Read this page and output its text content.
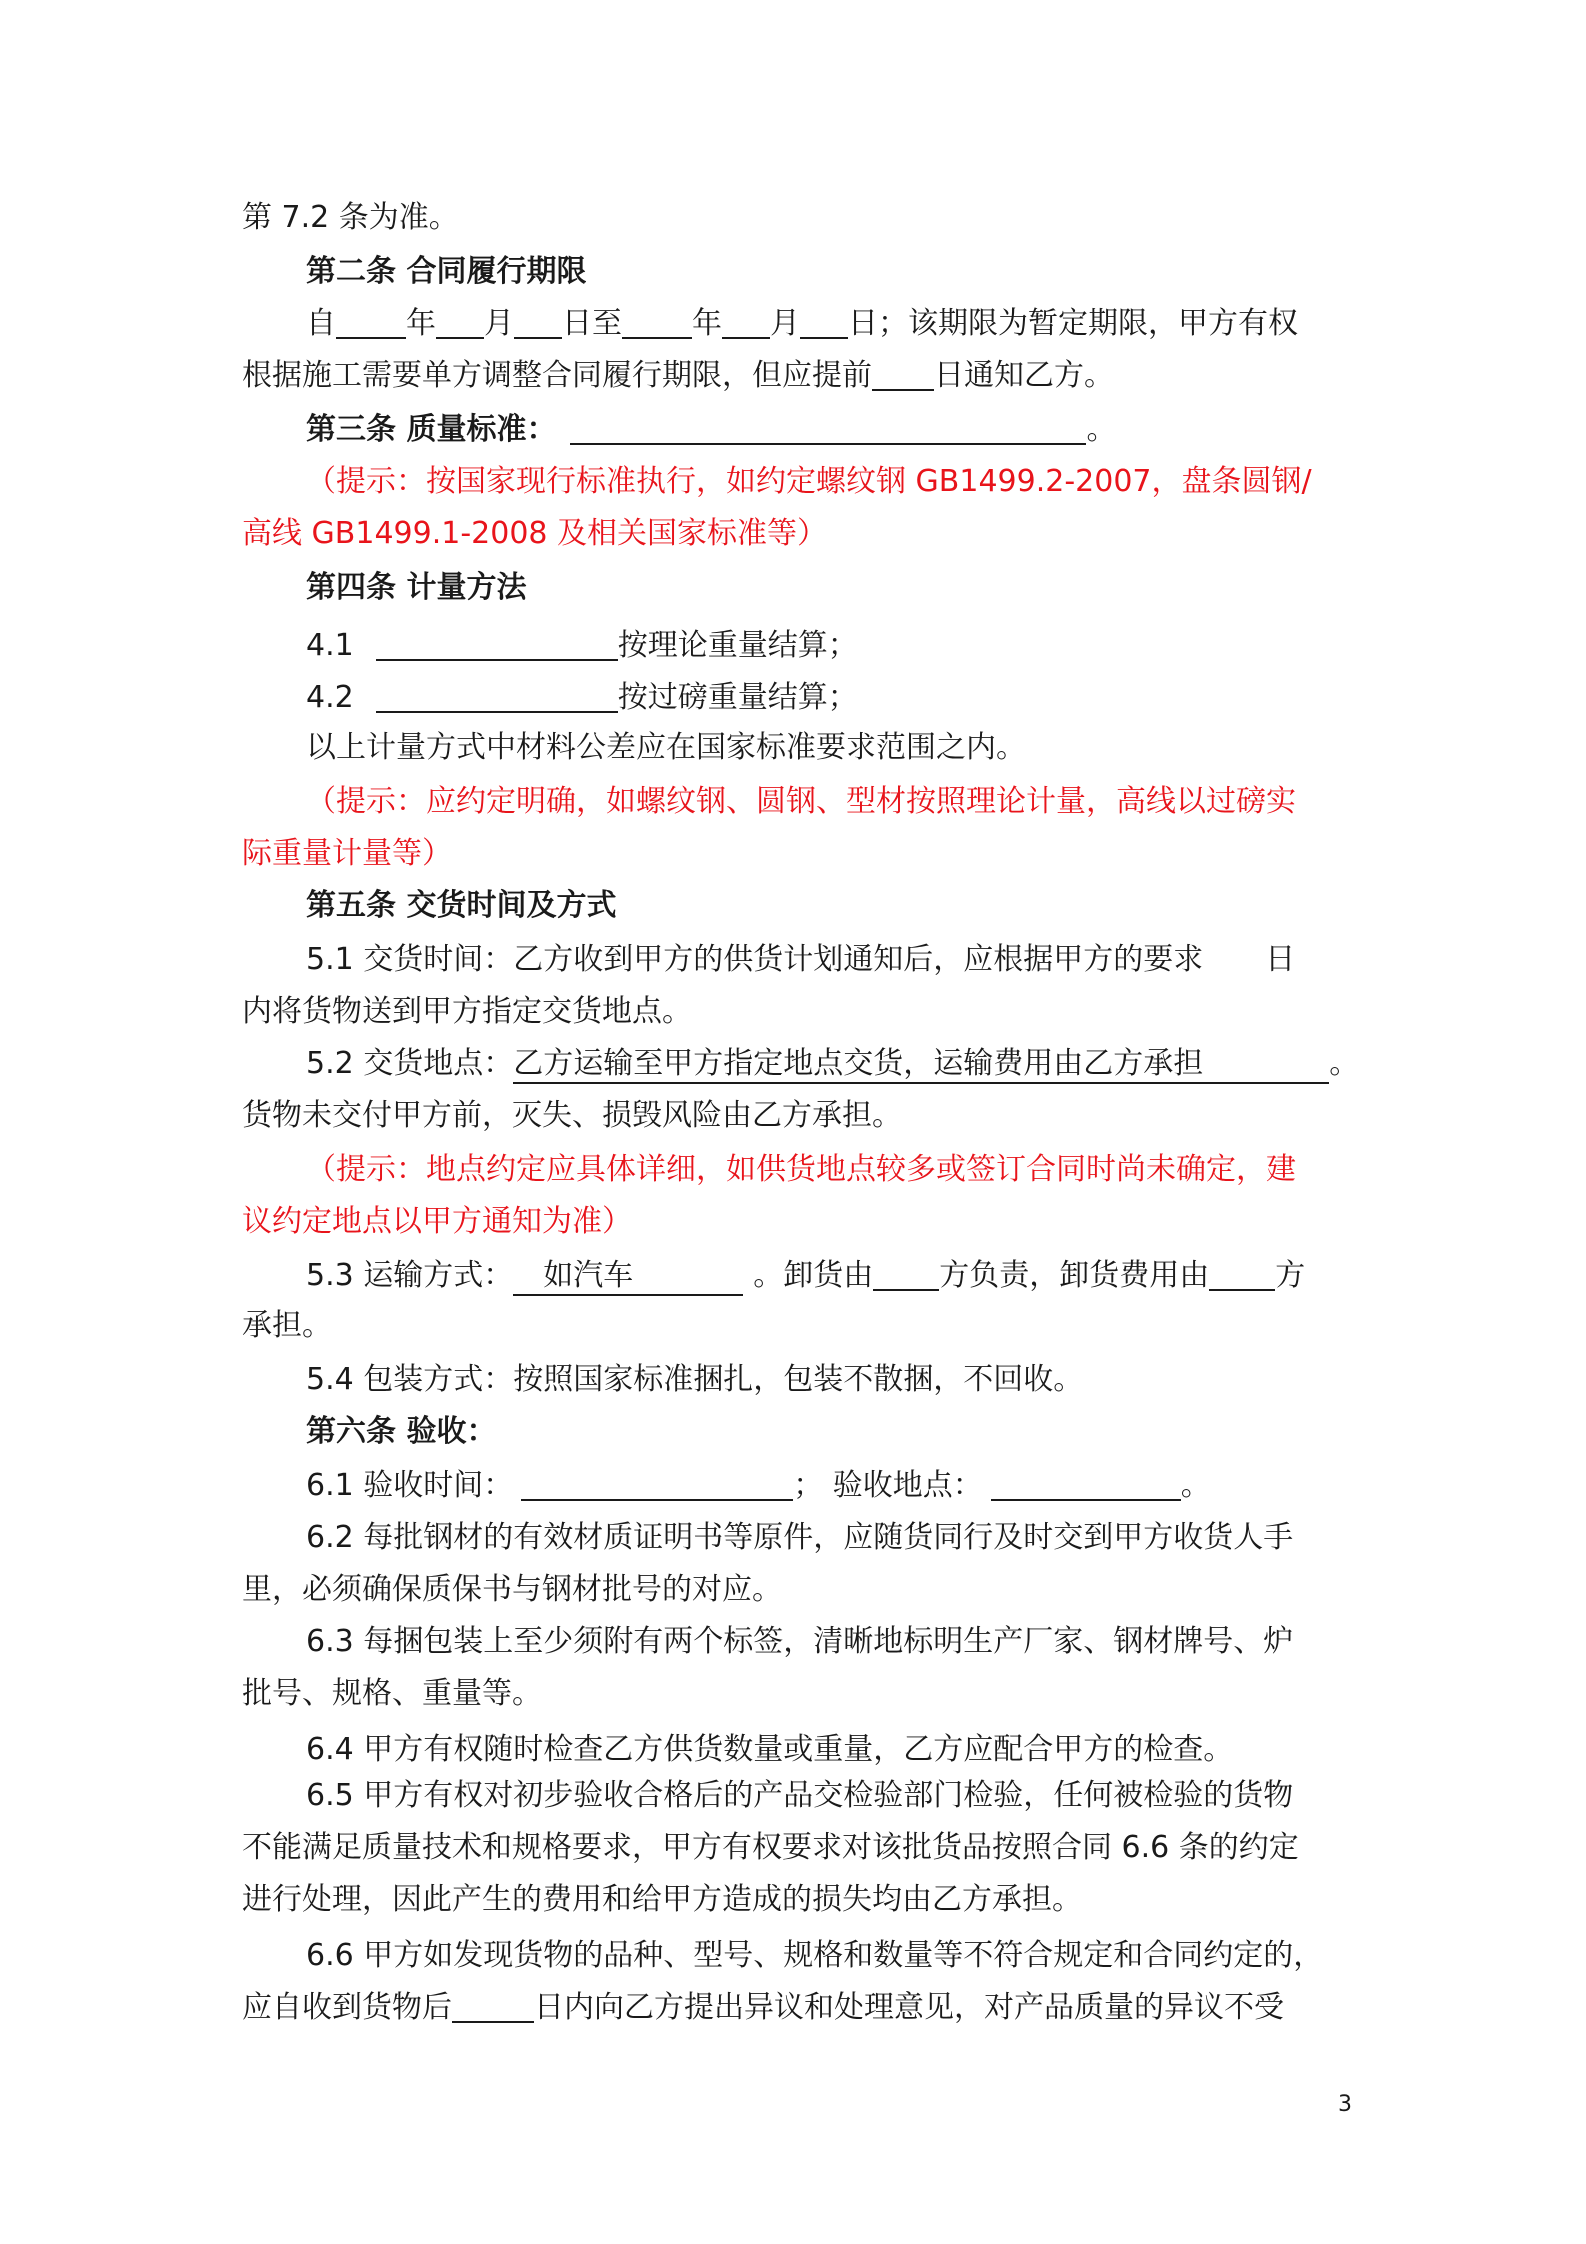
第 7.2 条为准。
第二条 合同履行期限
自 年 月 日至 年 月 日；该期限为暂定期限，甲方有权
根据施工需要单方调整合同履行期限，但应提前 日通知乙方。
第三条 质量标准：	。
（提示：按国家现行标准执行，如约定螺纹钢 GB1499.2-2007，盘条圆钢/
高线 GB1499.1-2008 及相关国家标准等）
第四条 计量方法
4.1	按理论重量结算；
4.2	按过磅重量结算；
以上计量方式中材料公差应在国家标准要求范围之内。
（提示：应约定明确，如螺纹钢、圆钢、型材按照理论计量，高线以过磅实
际重量计量等）
第五条 交货时间及方式
5.1 交货时间：乙方收到甲方的供货计划通知后，应根据甲方的要求 日
内将货物送到甲方指定交货地点。
5.2 交货地点：乙方运输至甲方指定地点交货，运输费用由乙方承担	。
货物未交付甲方前，灭失、损毁风险由乙方承担。
（提示：地点约定应具体详细，如供货地点较多或签订合同时尚未确定，建
议约定地点以甲方通知为准）
5.3 运输方式： 如汽车	。卸货由 方负责，卸货费用由 方
承担。
5.4 包装方式：按照国家标准捆扎，包装不散捆，不回收。
第六条 验收：
6.1 验收时间：	； 验收地点：	。
6.2 每批钢材的有效材质证明书等原件，应随货同行及时交到甲方收货人手
里，必须确保质保书与钢材批号的对应。
6.3 每捆包装上至少须附有两个标签，清晰地标明生产厂家、钢材牌号、炉
批号、规格、重量等。
6.4 甲方有权随时检查乙方供货数量或重量，乙方应配合甲方的检查。
6.5 甲方有权对初步验收合格后的产品交检验部门检验，任何被检验的货物
不能满足质量技术和规格要求，甲方有权要求对该批货品按照合同 6.6 条的约定
进行处理，因此产生的费用和给甲方造成的损失均由乙方承担。
6.6 甲方如发现货物的品种、型号、规格和数量等不符合规定和合同约定的，
应自收到货物后	日内向乙方提出异议和处理意见，对产品质量的异议不受
3
